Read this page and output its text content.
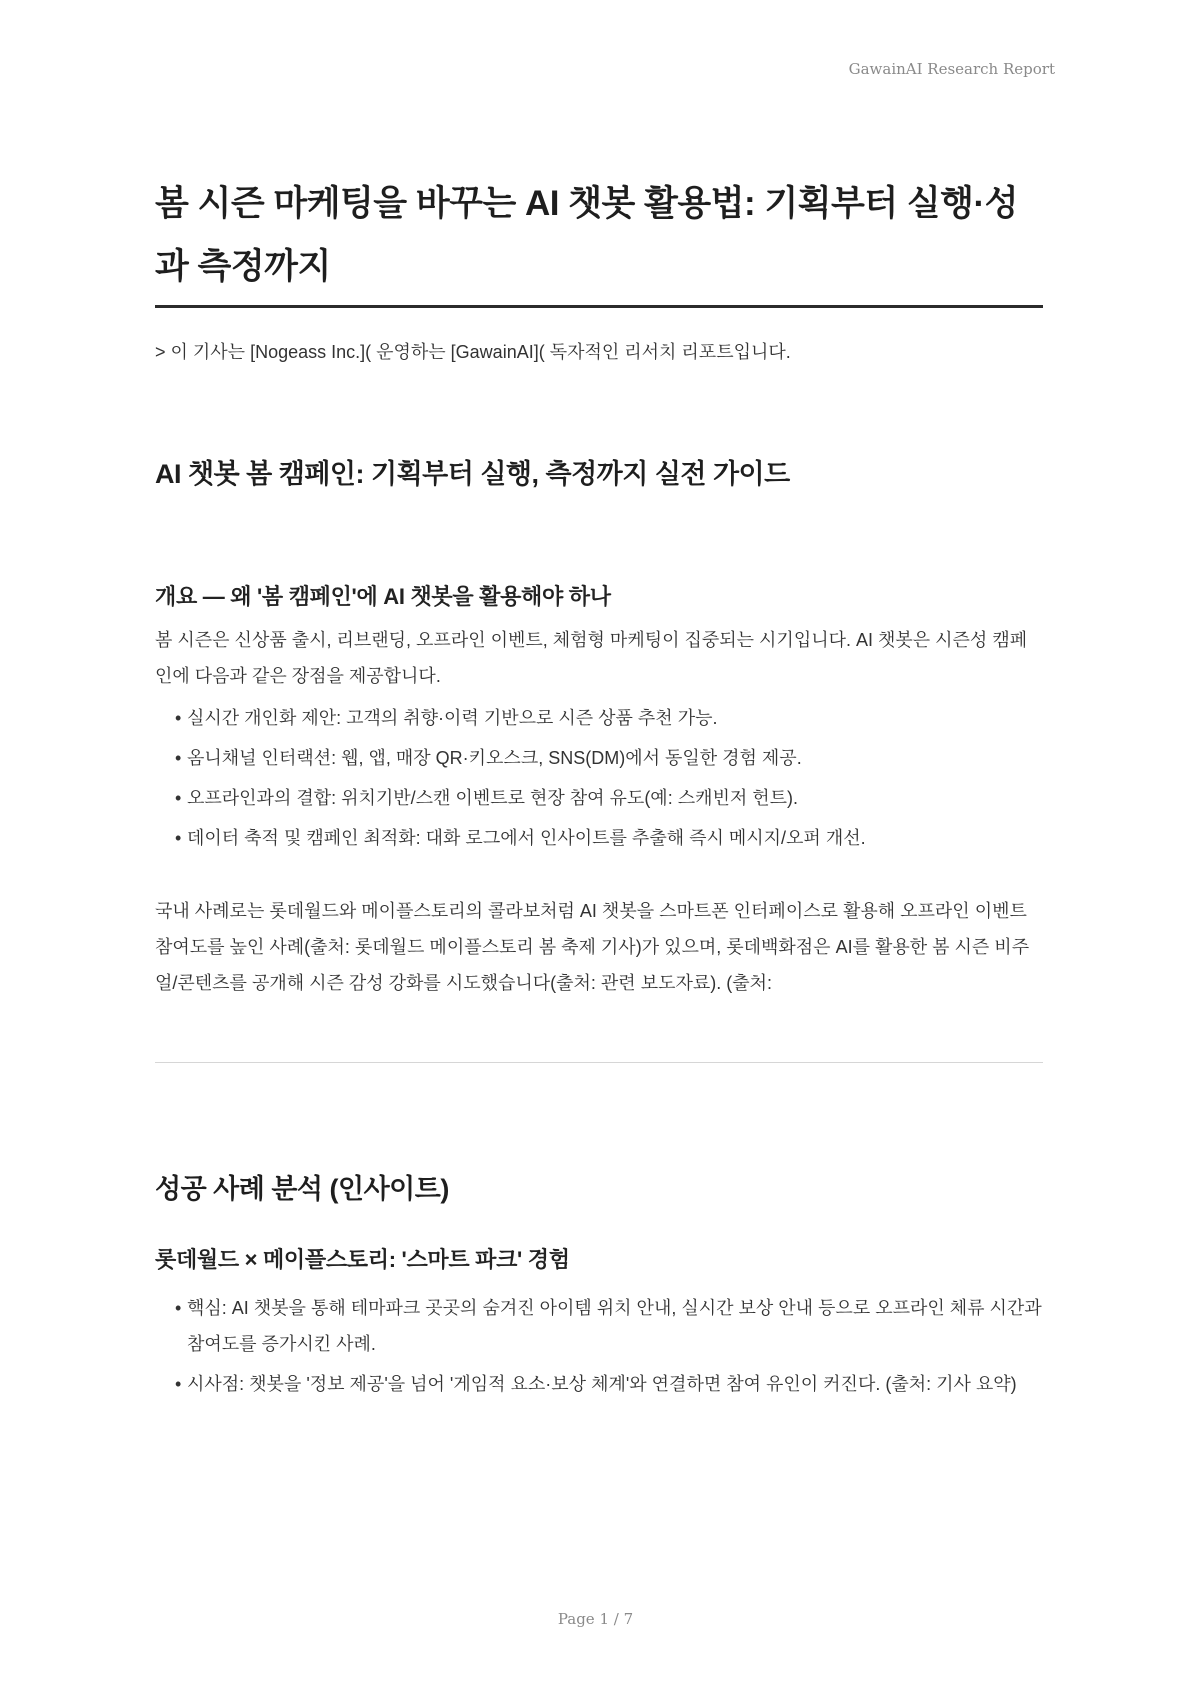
GawainAI Research Report
봄 시즌 마케팅을 바꾸는 AI 챗봇 활용법: 기획부터 실행·성과 측정까지
> 이 기사는 [Nogeass Inc.]( 운영하는 [GawainAI]( 독자적인 리서치 리포트입니다.
AI 챗봇 봄 캠페인: 기획부터 실행, 측정까지 실전 가이드
개요 — 왜 '봄 캠페인'에 AI 챗봇을 활용해야 하나

봄 시즌은 신상품 출시, 리브랜딩, 오프라인 이벤트, 체험형 마케팅이 집중되는 시기입니다. AI 챗봇은 시즌성 캠페인에 다음과 같은 장점을 제공합니다.

• 실시간 개인화 제안: 고객의 취향·이력 기반으로 시즌 상품 추천 가능.
• 옴니채널 인터랙션: 웹, 앱, 매장 QR·키오스크, SNS(DM)에서 동일한 경험 제공.
• 오프라인과의 결합: 위치기반/스캔 이벤트로 현장 참여 유도(예: 스캐빈저 헌트).
• 데이터 축적 및 캠페인 최적화: 대화 로그에서 인사이트를 추출해 즉시 메시지/오퍼 개선.

국내 사례로는 롯데월드와 메이플스토리의 콜라보처럼 AI 챗봇을 스마트폰 인터페이스로 활용해 오프라인 이벤트 참여도를 높인 사례(출처: 롯데월드 메이플스토리 봄 축제 기사)가 있으며, 롯데백화점은 AI를 활용한 봄 시즌 비주얼/콘텐츠를 공개해 시즌 감성 강화를 시도했습니다(출처: 관련 보도자료). (출처:

성공 사례 분석 (인사이트)
롯데월드 × 메이플스토리: '스마트 파크' 경험
• 핵심: AI 챗봇을 통해 테마파크 곳곳의 숨겨진 아이템 위치 안내, 실시간 보상 안내 등으로 오프라인 체류 시간과 참여도를 증가시킨 사례.
• 시사점: 챗봇을 '정보 제공'을 넘어 '게임적 요소·보상 체계'와 연결하면 참여 유인이 커진다. (출처: 기사 요약)
Page 1 / 7
